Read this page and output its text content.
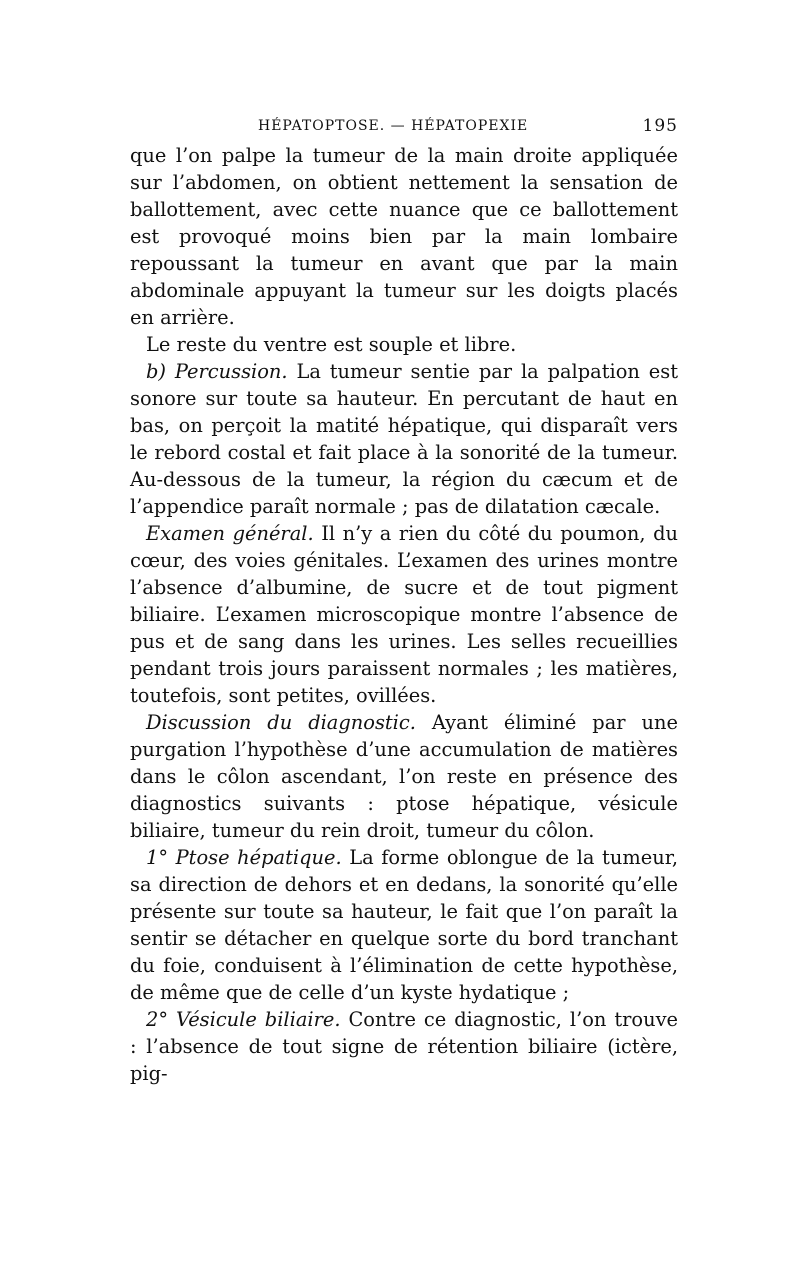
HÉPATOPTOSE. — HÉPATOPEXIE	195

que l’on palpe la tumeur de la main droite appliquée sur l’abdomen, on obtient nettement la sensation de ballottement, avec cette nuance que ce ballottement est provoqué moins bien par la main lombaire repoussant la tumeur en avant que par la main abdominale appuyant la tumeur sur les doigts placés en arrière.

Le reste du ventre est souple et libre.

b) Percussion. La tumeur sentie par la palpation est sonore sur toute sa hauteur. En percutant de haut en bas, on perçoit la matité hépatique, qui disparaît vers le rebord costal et fait place à la sonorité de la tumeur. Au-dessous de la tumeur, la région du cæcum et de l’appendice paraît normale ; pas de dilatation cæcale.

Examen général. Il n’y a rien du côté du poumon, du cœur, des voies génitales. L’examen des urines montre l’absence d’albumine, de sucre et de tout pigment biliaire. L’examen microscopique montre l’absence de pus et de sang dans les urines. Les selles recueillies pendant trois jours paraissent normales ; les matières, toutefois, sont petites, ovillées.

Discussion du diagnostic. Ayant éliminé par une purgation l’hypothèse d’une accumulation de matières dans le côlon ascendant, l’on reste en présence des diagnostics suivants : ptose hépatique, vésicule biliaire, tumeur du rein droit, tumeur du côlon.

1° Ptose hépatique. La forme oblongue de la tumeur, sa direction de dehors et en dedans, la sonorité qu’elle présente sur toute sa hauteur, le fait que l’on paraît la sentir se détacher en quelque sorte du bord tranchant du foie, conduisent à l’élimination de cette hypothèse, de même que de celle d’un kyste hydatique ;

2° Vésicule biliaire. Contre ce diagnostic, l’on trouve : l’absence de tout signe de rétention biliaire (ictère, pig-
